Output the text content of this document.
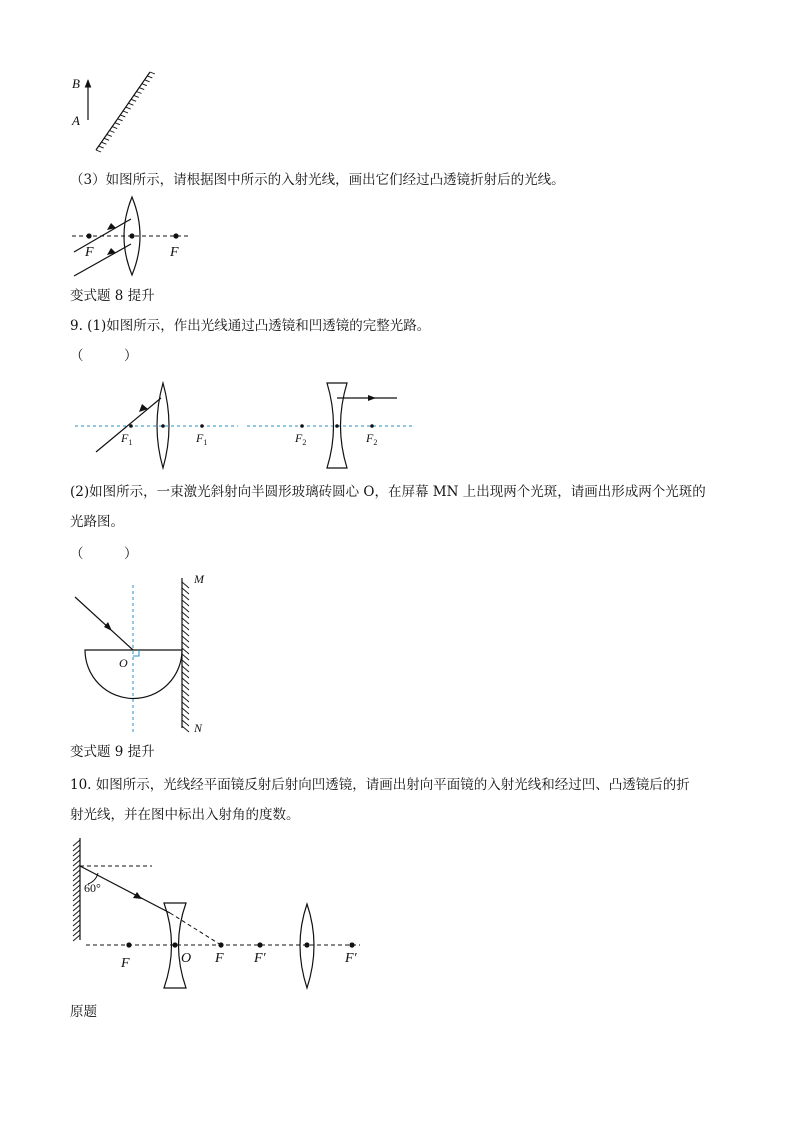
B
A
（3）如图所示，请根据图中所示的入射光线，画出它们经过凸透镜折射后的光线。
F	F
变式题 8 提升
9. (1)如图所示，作出光线通过凸透镜和凹透镜的完整光路。
（　　　）
$F_1$	$F_1$	$F_2$	$F_2$
(2)如图所示，一束激光斜射向半圆形玻璃砖圆心 O，在屏幕 MN 上出现两个光斑，请画出形成两个光斑的
光路图。
（　　　）
M
N
O
变式题 9 提升
10. 如图所示，光线经平面镜反射后射向凹透镜，请画出射向平面镜的入射光线和经过凹、凸透镜后的折
射光线，并在图中标出入射角的度数。
60°
F	O F F′	F′
原题
